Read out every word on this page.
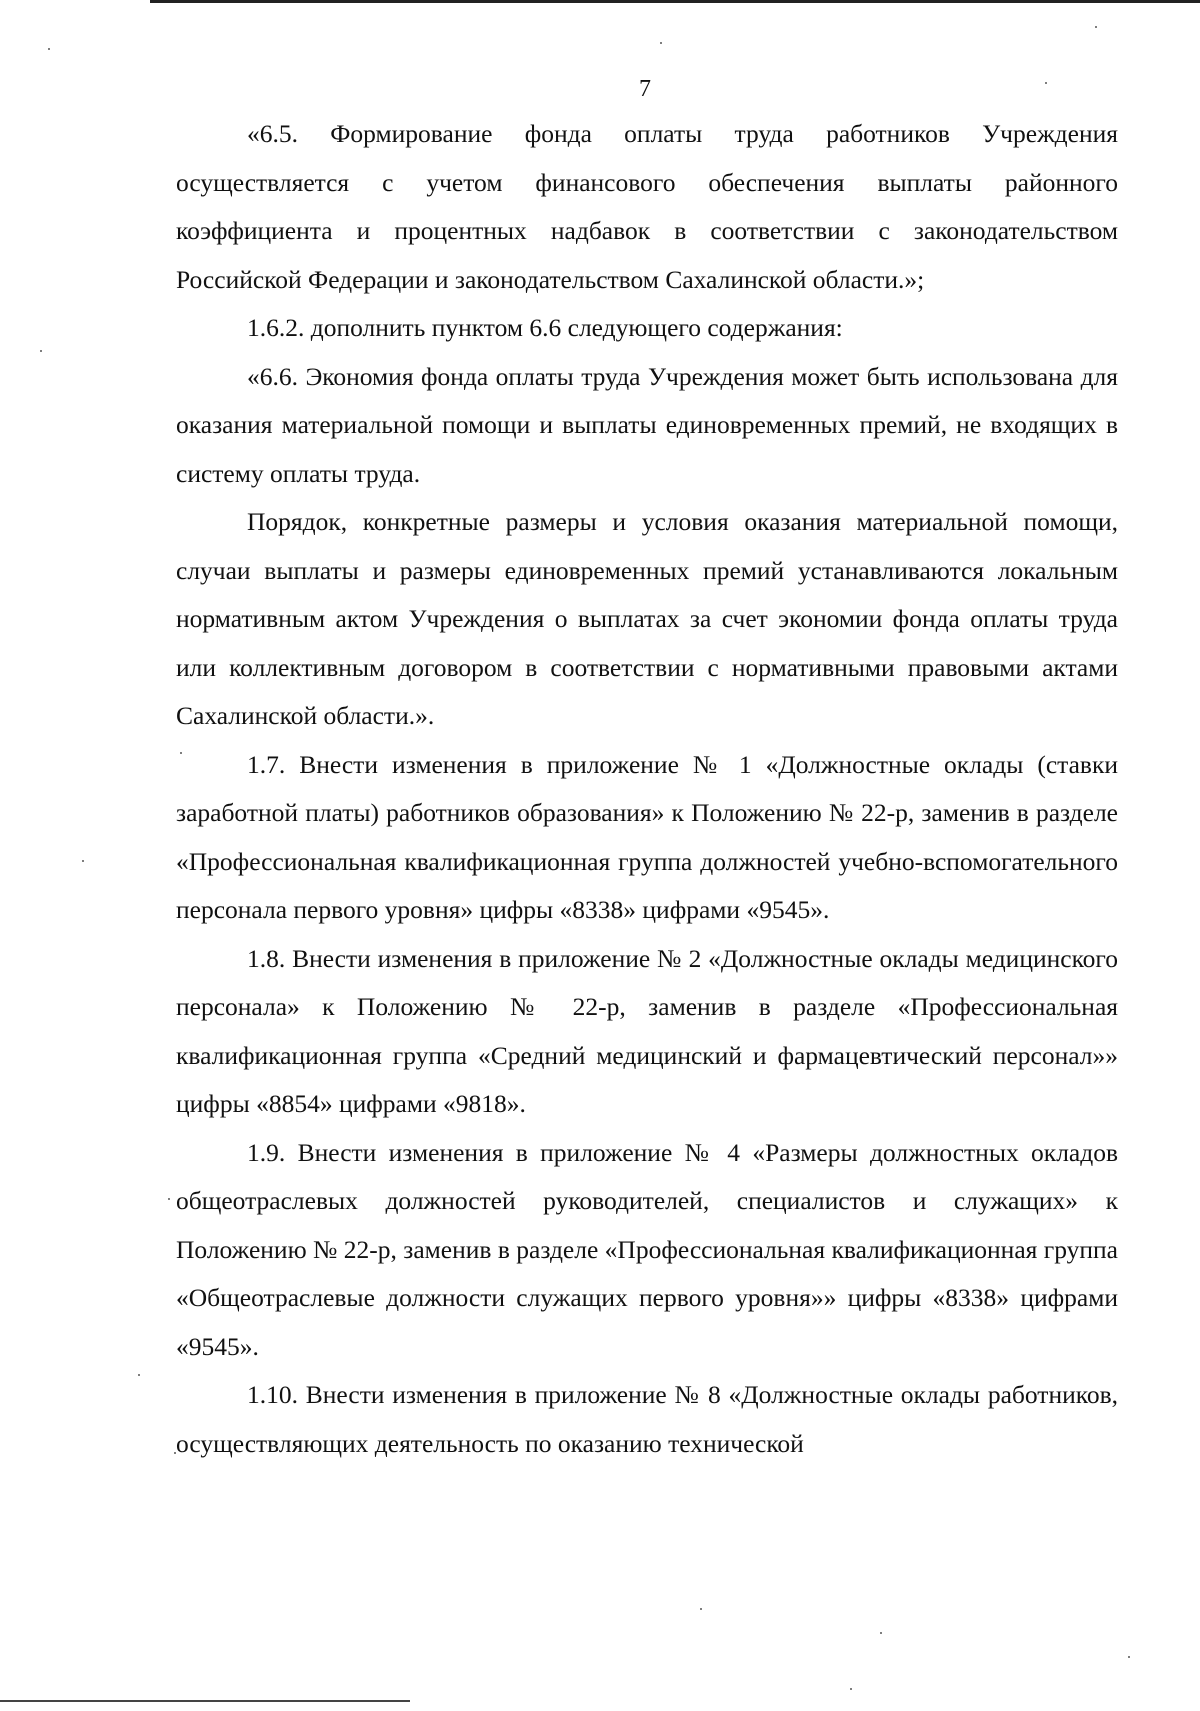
7

«6.5. Формирование фонда оплаты труда работников Учреждения осуществляется с учетом финансового обеспечения выплаты районного коэффициента и процентных надбавок в соответствии с законодательством Российской Федерации и законодательством Сахалинской области.»;

1.6.2. дополнить пунктом 6.6 следующего содержания:

«6.6. Экономия фонда оплаты труда Учреждения может быть использована для оказания материальной помощи и выплаты единовременных премий, не входящих в систему оплаты труда.

Порядок, конкретные размеры и условия оказания материальной помощи, случаи выплаты и размеры единовременных премий устанавливаются локальным нормативным актом Учреждения о выплатах за счет экономии фонда оплаты труда или коллективным договором в соответствии с нормативными правовыми актами Сахалинской области.».

1.7. Внести изменения в приложение № 1 «Должностные оклады (ставки заработной платы) работников образования» к Положению № 22-р, заменив в разделе «Профессиональная квалификационная группа должностей учебно-вспомогательного персонала первого уровня» цифры «8338» цифрами «9545».

1.8. Внести изменения в приложение № 2 «Должностные оклады медицинского персонала» к Положению № 22-р, заменив в разделе «Профессиональная квалификационная группа «Средний медицинский и фармацевтический персонал»» цифры «8854» цифрами «9818».

1.9. Внести изменения в приложение № 4 «Размеры должностных окладов общеотраслевых должностей руководителей, специалистов и служащих» к Положению № 22-р, заменив в разделе «Профессиональная квалификационная группа «Общеотраслевые должности служащих первого уровня»» цифры «8338» цифрами «9545».

1.10. Внести изменения в приложение № 8 «Должностные оклады работников, осуществляющих деятельность по оказанию технической
